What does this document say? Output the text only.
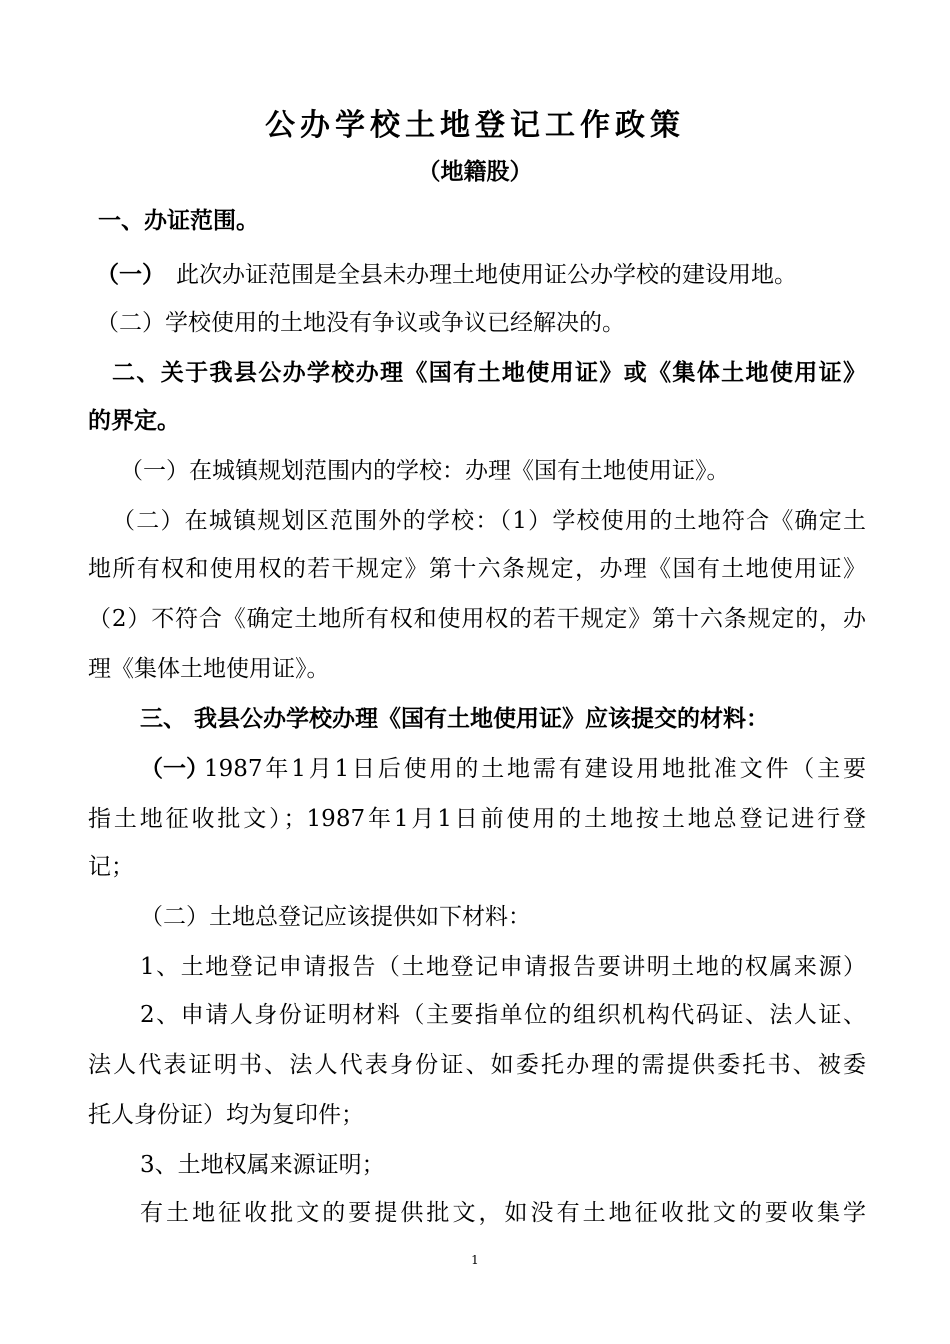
公办学校土地登记工作政策
（地籍股）
一、办证范围。
（一） 此次办证范围是全县未办理土地使用证公办学校的建设用地。
（二）学校使用的土地没有争议或争议已经解决的。
二、关于我县公办学校办理《国有土地使用证》或《集体土地使用证》
的界定。
（一）在城镇规划范围内的学校：办理《国有土地使用证》。
（二）在城镇规划区范围外的学校：（1）学校使用的土地符合《确定土
地所有权和使用权的若干规定》第十六条规定，办理《国有土地使用证》
（2）不符合《确定土地所有权和使用权的若干规定》第十六条规定的，办
理《集体土地使用证》。
三、 我县公办学校办理《国有土地使用证》应该提交的材料：
（一）
1987年1月1日后使用的土地需有建设用地批准文件（主要
指土地征收批文）；1987年1月1日前使用的土地按土地总登记进行登
记；
（二）土地总登记应该提供如下材料：
1、土地登记申请报告（土地登记申请报告要讲明土地的权属来源）
2、申请人身份证明材料（主要指单位的组织机构代码证、法人证、
法人代表证明书、法人代表身份证、如委托办理的需提供委托书、被委
托人身份证）均为复印件；
3、土地权属来源证明；
有土地征收批文的要提供批文，如没有土地征收批文的要收集学
1
